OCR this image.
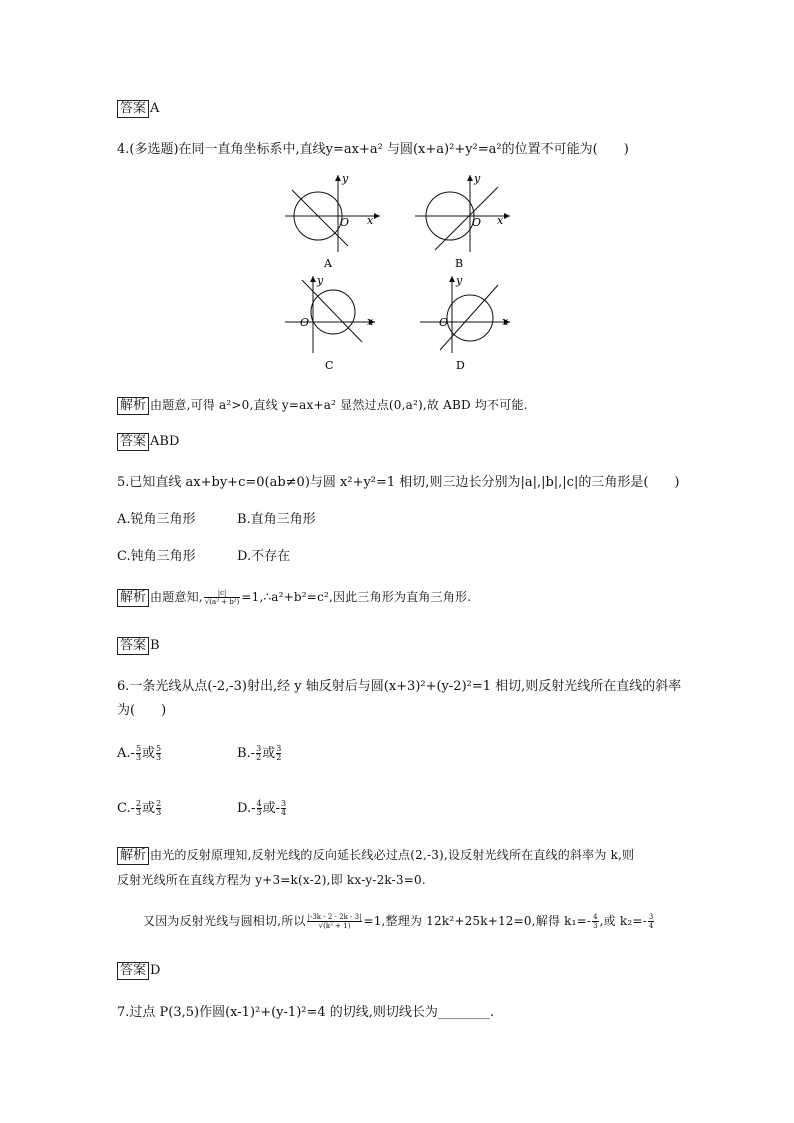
答案 A
4.(多选题)在同一直角坐标系中,直线y=ax+a² 与圆(x+a)²+y²=a²的位置不可能为(　　)
O x
y
A
O x
y
B
O	x
y
C
O	x
y
D
解析 由题意,可得 a²>0,直线 y=ax+a² 显然过点(0,a²),故 ABD 均不可能.
答案 ABD
5.已知直线 ax+by+c=0(ab≠0)与圆 x²+y²=1 相切,则三边长分别为|a|,|b|,|c|的三角形是(　　)
A.锐角三角形	B.直角三角形
C.钝角三角形	D.不存在
解析 由题意知, $\frac{|c|}{\text{√(a² + b²)}}$ =1,∴a²+b²=c²,因此三角形为直角三角形.
答案 B
6.一条光线从点(-2,-3)射出,经 y 轴反射后与圆(x+3)²+(y-2)²=1 相切,则反射光线所在直线的斜率
为(　　)
$A.- \frac{5}{3}$ 或 $\frac{5}{3}$	$B.- \frac{3}{2}$ 或 $\frac{3}{2}$
$C.- \frac{2}{3}$ 或 $\frac{2}{3}$	$D.- \frac{4}{3}$ 或- $\frac{3}{4}$
解析 由光的反射原理知,反射光线的反向延长线必过点(2,-3),设反射光线所在直线的斜率为 k,则
反射光线所在直线方程为 y+3=k(x-2),即 kx-y-2k-3=0.
又因为反射光线与圆相切,所以 $\frac{|-3k - 2 - 2k - 3|}{\text{√(k² + 1)}} =1$,整理为 12k²+25k+12=0,解得 $k_1=- \frac{4}{3}$ ,或 $k_2=- \frac{3}{4}$
答案 D
7.过点 P(3,5)作圆(x-1)²+(y-1)²=4 的切线,则切线长为________.
